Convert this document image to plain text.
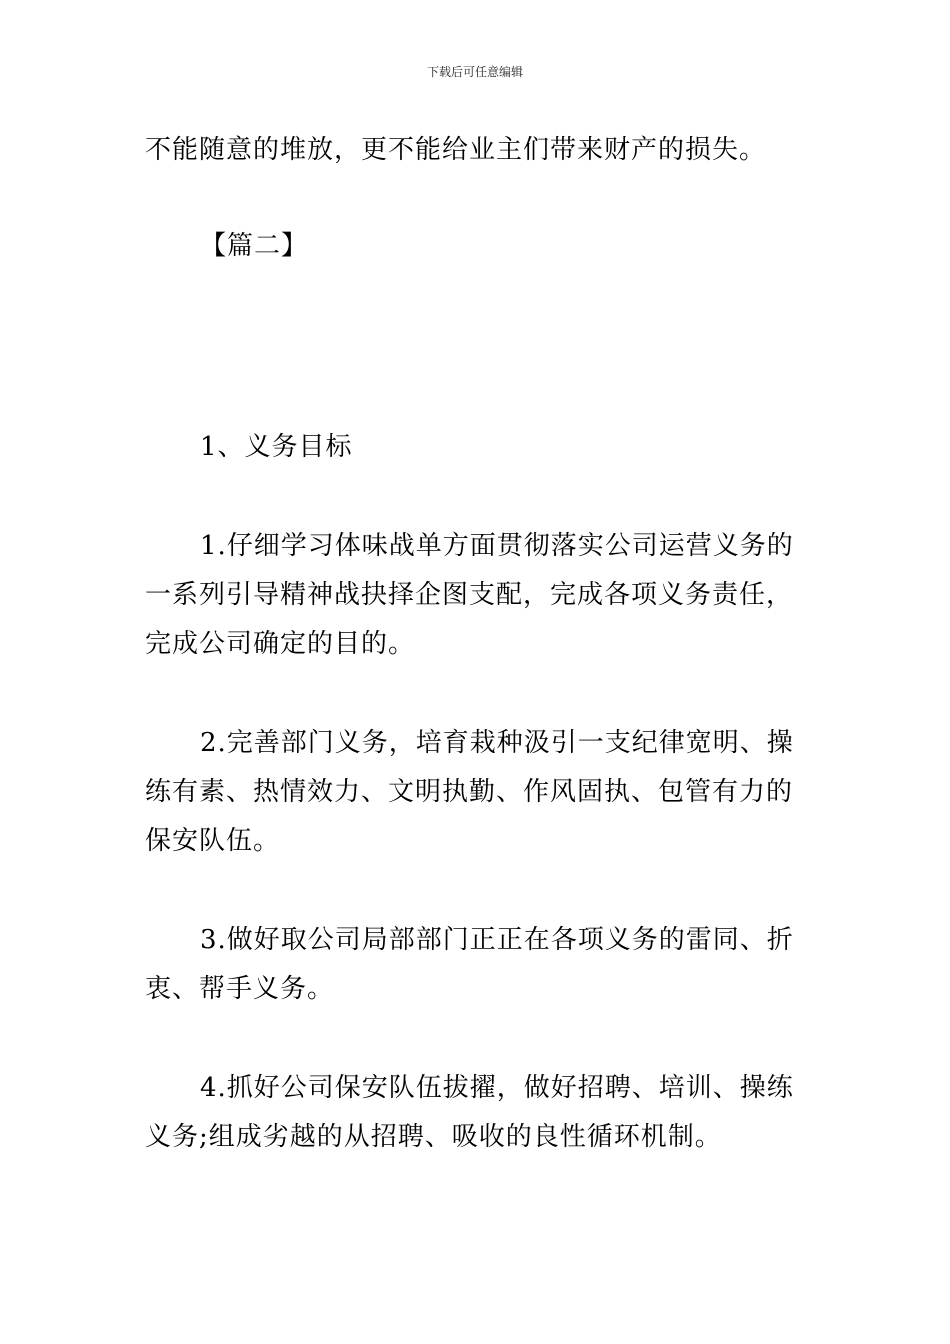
下载后可任意编辑

不能随意的堆放，更不能给业主们带来财产的损失。

【篇二】

1、义务目标

1.仔细学习体味战单方面贯彻落实公司运营义务的一系列引导精神战抉择企图支配，完成各项义务责任，完成公司确定的目的。

2.完善部门义务，培育栽种汲引一支纪律宽明、操练有素、热情效力、文明执勤、作风固执、包管有力的保安队伍。

3.做好取公司局部部门正正在各项义务的雷同、折衷、帮手义务。

4.抓好公司保安队伍拔擢，做好招聘、培训、操练义务;组成劣越的从招聘、吸收的良性循环机制。
